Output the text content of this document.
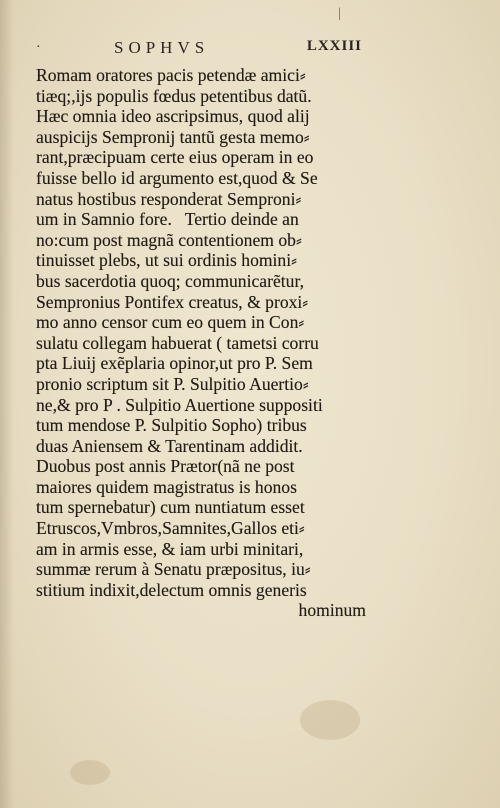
|
·	SOPHVS	LXXIII
Romam oratores pacis petendæ amici⸗
tiæq;,ijs populis fœdus petentibus datũ.
Hæc omnia ideo ascripsimus, quod alij
auspicijs Sempronij tantũ gesta memo⸗
rant,præcipuam certe eius operam in eo
fuisse bello id argumento est,quod & Se
natus hostibus responderat Semproni⸗
um in Samnio fore.   Tertio deinde an
no:cum post magnã contentionem ob⸗
tinuisset plebs, ut sui ordinis homini⸗
bus sacerdotia quoq; communicarẽtur,
Sempronius Pontifex creatus, & proxi⸗
mo anno censor cum eo quem in Con⸗
sulatu collegam habuerat ( tametsi corru
pta Liuij exẽplaria opinor,ut pro P. Sem
pronio scriptum sit P. Sulpitio Auertio⸗
ne,& pro P . Sulpitio Auertione suppositi
tum mendose P. Sulpitio Sopho) tribus
duas Aniensem & Tarentinam addidit.
Duobus post annis Prætor(nã ne post
maiores quidem magistratus is honos
tum spernebatur) cum nuntiatum esset
Etruscos,Vmbros,Samnites,Gallos eti⸗
am in armis esse, & iam urbi minitari,
summæ rerum à Senatu præpositus, iu⸗
stitium indixit,delectum omnis generis
hominum
